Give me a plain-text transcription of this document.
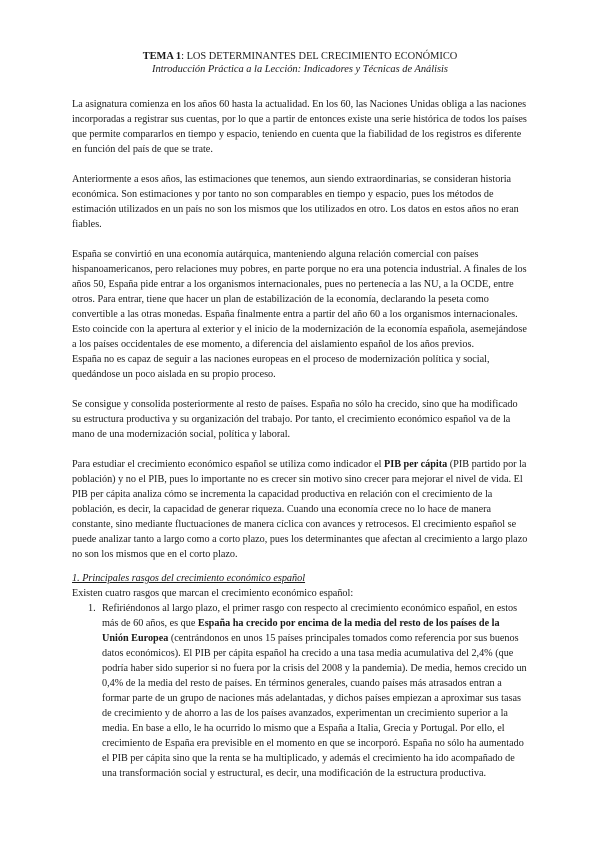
TEMA 1: LOS DETERMINANTES DEL CRECIMIENTO ECONÓMICO

Introducción Práctica a la Lección: Indicadores y Técnicas de Análisis

La asignatura comienza en los años 60 hasta la actualidad. En los 60, las Naciones Unidas obliga a las naciones incorporadas a registrar sus cuentas, por lo que a partir de entonces existe una serie histórica de todos los países que permite compararlos en tiempo y espacio, teniendo en cuenta que la fiabilidad de los registros es diferente en función del país de que se trate.

Anteriormente a esos años, las estimaciones que tenemos, aun siendo extraordinarias, se consideran historia económica. Son estimaciones y por tanto no son comparables en tiempo y espacio, pues los métodos de estimación utilizados en un país no son los mismos que los utilizados en otro. Los datos en estos años no eran fiables.

España se convirtió en una economía autárquica, manteniendo alguna relación comercial con países hispanoamericanos, pero relaciones muy pobres, en parte porque no era una potencia industrial. A finales de los años 50, España pide entrar a los organismos internacionales, pues no pertenecía a las NU, a la OCDE, entre otros. Para entrar, tiene que hacer un plan de estabilización de la economía, declarando la peseta como convertible a las otras monedas. España finalmente entra a partir del año 60 a los organismos internacionales. Esto coincide con la apertura al exterior y el inicio de la modernización de la economía española, asemejándose a los países occidentales de ese momento, a diferencia del aislamiento español de los años previos.

España no es capaz de seguir a las naciones europeas en el proceso de modernización política y social, quedándose un poco aislada en su propio proceso.

Se consigue y consolida posteriormente al resto de países. España no sólo ha crecido, sino que ha modificado su estructura productiva y su organización del trabajo. Por tanto, el crecimiento económico español va de la mano de una modernización social, política y laboral.

Para estudiar el crecimiento económico español se utiliza como indicador el PIB per cápita (PIB partido por la población) y no el PIB, pues lo importante no es crecer sin motivo sino crecer para mejorar el nivel de vida. El PIB per cápita analiza cómo se incrementa la capacidad productiva en relación con el crecimiento de la población, es decir, la capacidad de generar riqueza. Cuando una economía crece no lo hace de manera constante, sino mediante fluctuaciones de manera cíclica con avances y retrocesos. El crecimiento español se puede analizar tanto a largo como a corto plazo, pues los determinantes que afectan al crecimiento a largo plazo no son los mismos que en el corto plazo.

1. Principales rasgos del crecimiento económico español

Existen cuatro rasgos que marcan el crecimiento económico español:

1. Refiriéndonos al largo plazo, el primer rasgo con respecto al crecimiento económico español, en estos más de 60 años, es que España ha crecido por encima de la media del resto de los países de la Unión Europea (centrándonos en unos 15 países principales tomados como referencia por sus buenos datos económicos). El PIB per cápita español ha crecido a una tasa media acumulativa del 2,4% (que podría haber sido superior si no fuera por la crisis del 2008 y la pandemia). De media, hemos crecido un 0,4% de la media del resto de países. En términos generales, cuando países más atrasados entran a formar parte de un grupo de naciones más adelantadas, y dichos países empiezan a aproximar sus tasas de crecimiento y de ahorro a las de los países avanzados, experimentan un crecimiento superior a la media. En base a ello, le ha ocurrido lo mismo que a España a Italia, Grecia y Portugal. Por ello, el crecimiento de España era previsible en el momento en que se incorporó. España no sólo ha aumentado el PIB per cápita sino que la renta se ha multiplicado, y además el crecimiento ha ido acompañado de una transformación social y estructural, es decir, una modificación de la estructura productiva.
